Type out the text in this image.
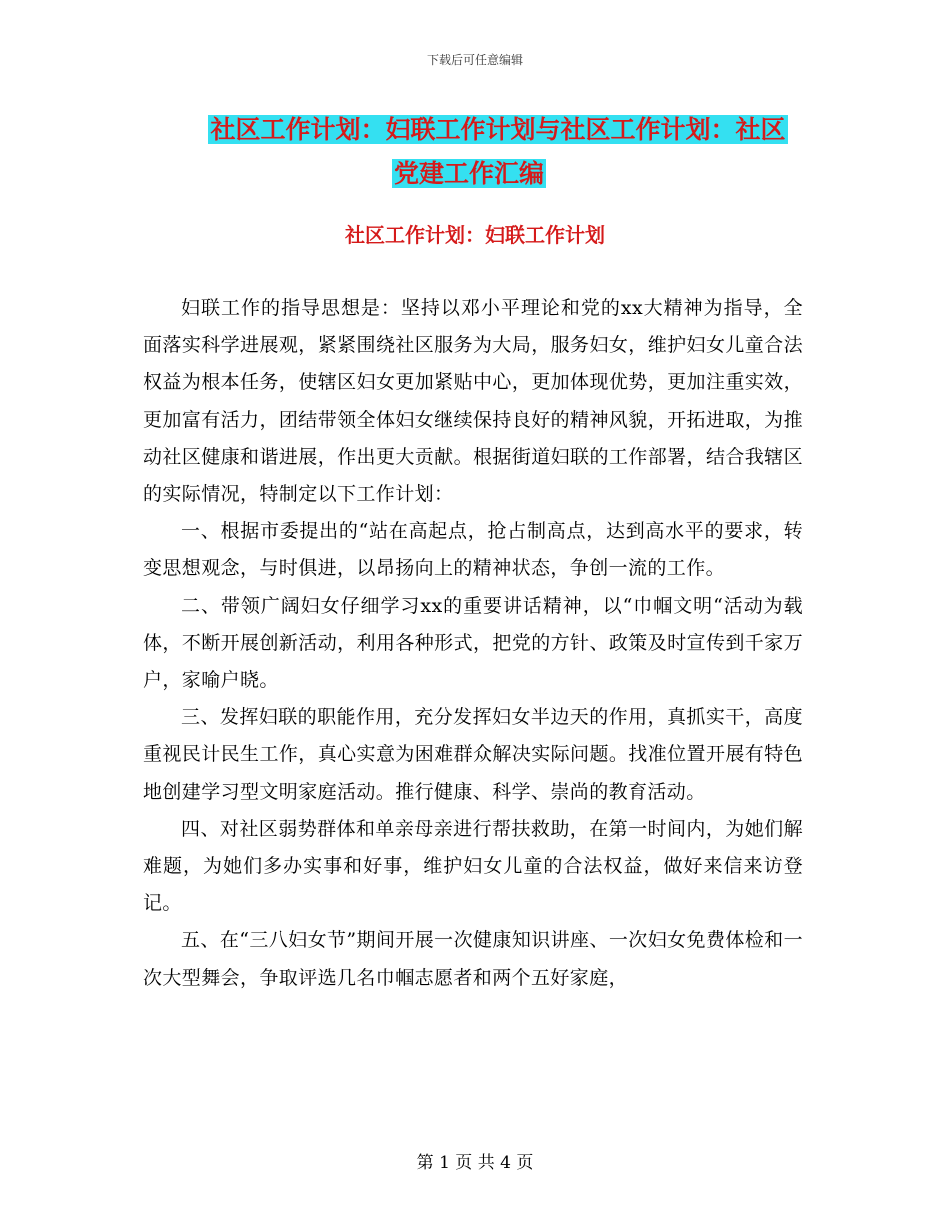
下载后可任意编辑
社区工作计划：妇联工作计划与社区工作计划：社区
党建工作汇编
社区工作计划：妇联工作计划

妇联工作的指导思想是：坚持以邓小平理论和党的xx大精神为指导，全面落实科学进展观，紧紧围绕社区服务为大局，服务妇女，维护妇女儿童合法权益为根本任务，使辖区妇女更加紧贴中心，更加体现优势，更加注重实效，更加富有活力，团结带领全体妇女继续保持良好的精神风貌，开拓进取，为推动社区健康和谐进展，作出更大贡献。根据街道妇联的工作部署，结合我辖区的实际情况，特制定以下工作计划：

一、根据市委提出的“站在高起点，抢占制高点，达到高水平的要求，转变思想观念，与时俱进，以昂扬向上的精神状态，争创一流的工作。

二、带领广阔妇女仔细学习xx的重要讲话精神，以“巾帼文明“活动为载体，不断开展创新活动，利用各种形式，把党的方针、政策及时宣传到千家万户，家喻户晓。

三、发挥妇联的职能作用，充分发挥妇女半边天的作用，真抓实干，高度重视民计民生工作，真心实意为困难群众解决实际问题。找准位置开展有特色地创建学习型文明家庭活动。推行健康、科学、崇尚的教育活动。

四、对社区弱势群体和单亲母亲进行帮扶救助，在第一时间内，为她们解难题，为她们多办实事和好事，维护妇女儿童的合法权益，做好来信来访登记。

五、在“三八妇女节”期间开展一次健康知识讲座、一次妇女免费体检和一次大型舞会，争取评选几名巾帼志愿者和两个五好家庭，

第 1 页 共 4 页
